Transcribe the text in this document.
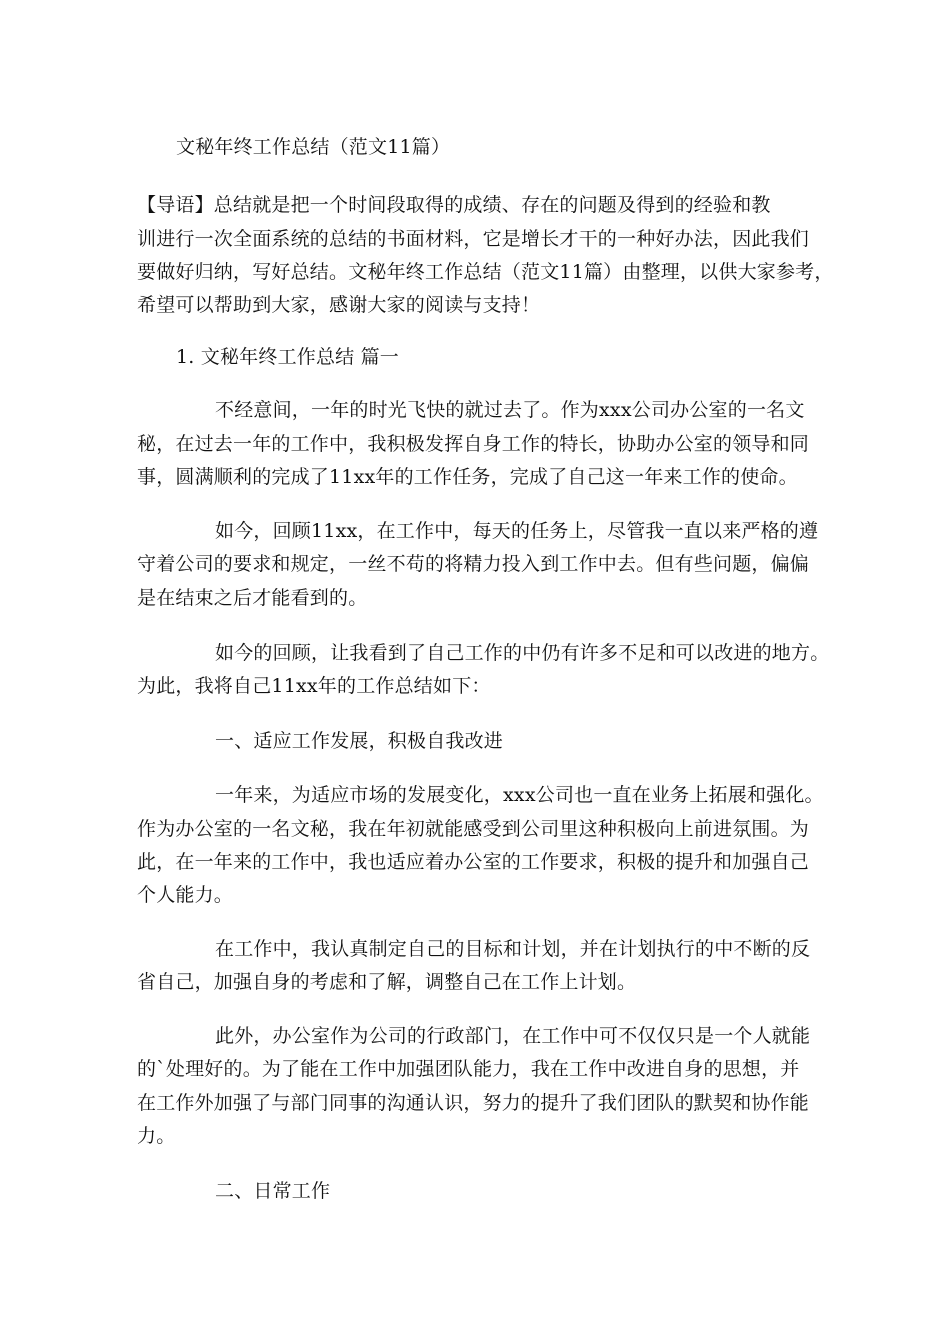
文秘年终工作总结（范文11篇）
【导语】总结就是把一个时间段取得的成绩、存在的问题及得到的经验和教
训进行一次全面系统的总结的书面材料，它是增长才干的一种好办法，因此我们
要做好归纳，写好总结。文秘年终工作总结（范文11篇）由整理，以供大家参考，
希望可以帮助到大家，感谢大家的阅读与支持！
1. 文秘年终工作总结 篇一
不经意间，一年的时光飞快的就过去了。作为xxx公司办公室的一名文
秘，在过去一年的工作中，我积极发挥自身工作的特长，协助办公室的领导和同
事，圆满顺利的完成了11xx年的工作任务，完成了自己这一年来工作的使命。
如今，回顾11xx，在工作中，每天的任务上，尽管我一直以来严格的遵
守着公司的要求和规定，一丝不苟的将精力投入到工作中去。但有些问题，偏偏
是在结束之后才能看到的。
如今的回顾，让我看到了自己工作的中仍有许多不足和可以改进的地方。
为此，我将自己11xx年的工作总结如下：
一、适应工作发展，积极自我改进
一年来，为适应市场的发展变化，xxx公司也一直在业务上拓展和强化。
作为办公室的一名文秘，我在年初就能感受到公司里这种积极向上前进氛围。为
此，在一年来的工作中，我也适应着办公室的工作要求，积极的提升和加强自己
个人能力。
在工作中，我认真制定自己的目标和计划，并在计划执行的中不断的反
省自己，加强自身的考虑和了解，调整自己在工作上计划。
此外，办公室作为公司的行政部门，在工作中可不仅仅只是一个人就能
的`处理好的。为了能在工作中加强团队能力，我在工作中改进自身的思想，并
在工作外加强了与部门同事的沟通认识，努力的提升了我们团队的默契和协作能
力。
二、日常工作
